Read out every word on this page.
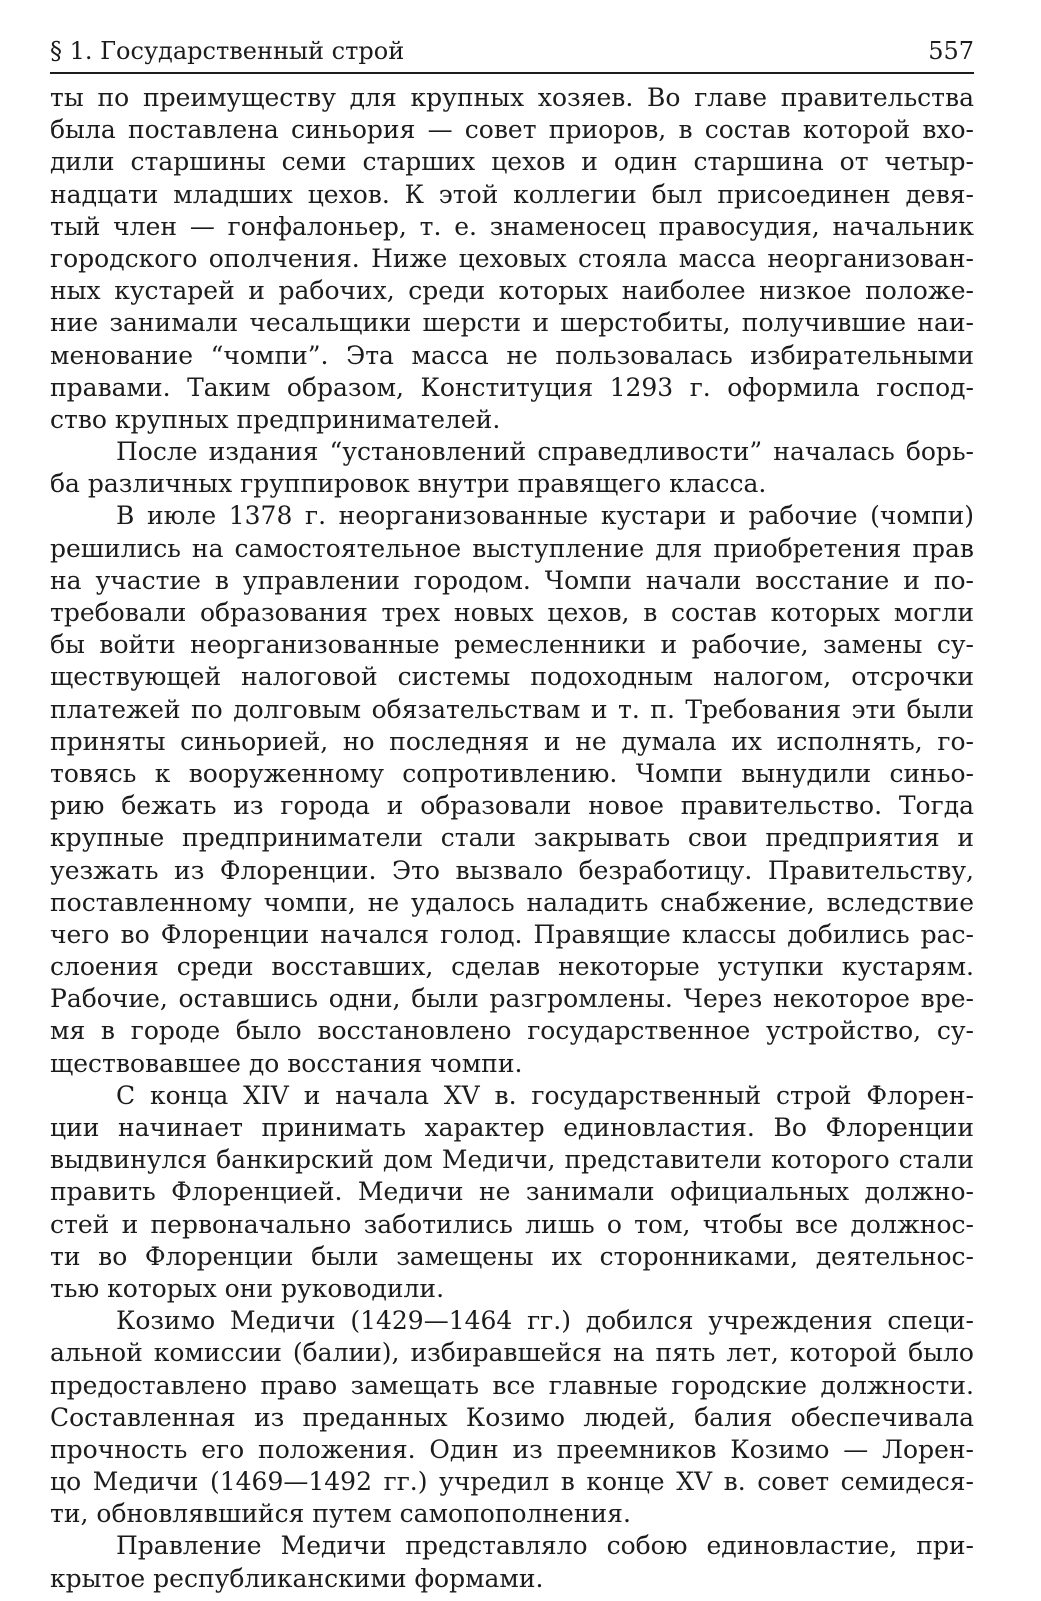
§ 1. Государственный строй	557
ты по преимуществу для крупных хозяев. Во главе правительства
была поставлена синьория — совет приоров, в состав которой вхо-
дили старшины семи старших цехов и один старшина от четыр-
надцати младших цехов. К этой коллегии был присоединен девя-
тый член — гонфалоньер, т. е. знаменосец правосудия, начальник
городского ополчения. Ниже цеховых стояла масса неорганизован-
ных кустарей и рабочих, среди которых наиболее низкое положе-
ние занимали чесальщики шерсти и шерстобиты, получившие наи-
менование “чомпи”. Эта масса не пользовалась избирательными
правами. Таким образом, Конституция 1293 г. оформила господ-
ство крупных предпринимателей.
После издания “установлений справедливости” началась борь-
ба различных группировок внутри правящего класса.
В июле 1378 г. неорганизованные кустари и рабочие (чомпи)
решились на самостоятельное выступление для приобретения прав
на участие в управлении городом. Чомпи начали восстание и по-
требовали образования трех новых цехов, в состав которых могли
бы войти неорганизованные ремесленники и рабочие, замены су-
ществующей налоговой системы подоходным налогом, отсрочки
платежей по долговым обязательствам и т. п. Требования эти были
приняты синьорией, но последняя и не думала их исполнять, го-
товясь к вооруженному сопротивлению. Чомпи вынудили синьо-
рию бежать из города и образовали новое правительство. Тогда
крупные предприниматели стали закрывать свои предприятия и
уезжать из Флоренции. Это вызвало безработицу. Правительству,
поставленному чомпи, не удалось наладить снабжение, вследствие
чего во Флоренции начался голод. Правящие классы добились рас-
слоения среди восставших, сделав некоторые уступки кустарям.
Рабочие, оставшись одни, были разгромлены. Через некоторое вре-
мя в городе было восстановлено государственное устройство, су-
ществовавшее до восстания чомпи.
С конца XIV и начала XV в. государственный строй Флорен-
ции начинает принимать характер единовластия. Во Флоренции
выдвинулся банкирский дом Медичи, представители которого стали
править Флоренцией. Медичи не занимали официальных должно-
стей и первоначально заботились лишь о том, чтобы все должнос-
ти во Флоренции были замещены их сторонниками, деятельнос-
тью которых они руководили.
Козимо Медичи (1429—1464 гг.) добился учреждения специ-
альной комиссии (балии), избиравшейся на пять лет, которой было
предоставлено право замещать все главные городские должности.
Составленная из преданных Козимо людей, балия обеспечивала
прочность его положения. Один из преемников Козимо — Лорен-
цо Медичи (1469—1492 гг.) учредил в конце XV в. совет семидеся-
ти, обновлявшийся путем самопополнения.
Правление Медичи представляло собою единовластие, при-
крытое республиканскими формами.
